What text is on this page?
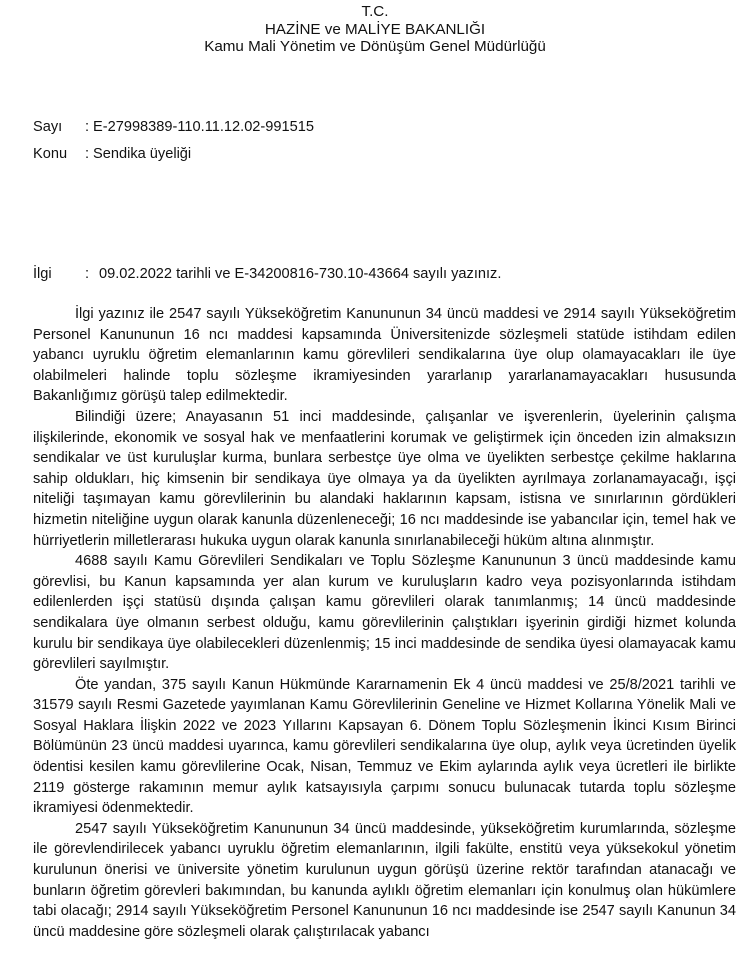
T.C.
HAZİNE ve MALİYE BAKANLIĞI
Kamu Mali Yönetim ve Dönüşüm Genel Müdürlüğü
Sayı : E-27998389-110.11.12.02-991515
Konu : Sendika üyeliği
İlgi : 09.02.2022 tarihli ve E-34200816-730.10-43664 sayılı yazınız.

İlgi yazınız ile 2547 sayılı Yükseköğretim Kanununun 34 üncü maddesi ve 2914 sayılı Yükseköğretim Personel Kanununun 16 ncı maddesi kapsamında Üniversitenizde sözleşmeli statüde istihdam edilen yabancı uyruklu öğretim elemanlarının kamu görevlileri sendikalarına üye olup olamayacakları ile üye olabilmeleri halinde toplu sözleşme ikramiyesinden yararlanıp yararlanamayacakları hususunda Bakanlığımız görüşü talep edilmektedir.

Bilindiği üzere; Anayasanın 51 inci maddesinde, çalışanlar ve işverenlerin, üyelerinin çalışma ilişkilerinde, ekonomik ve sosyal hak ve menfaatlerini korumak ve geliştirmek için önceden izin almaksızın sendikalar ve üst kuruluşlar kurma, bunlara serbestçe üye olma ve üyelikten serbestçe çekilme haklarına sahip oldukları, hiç kimsenin bir sendikaya üye olmaya ya da üyelikten ayrılmaya zorlanamayacağı, işçi niteliği taşımayan kamu görevlilerinin bu alandaki haklarının kapsam, istisna ve sınırlarının gördükleri hizmetin niteliğine uygun olarak kanunla düzenleneceği; 16 ncı maddesinde ise yabancılar için, temel hak ve hürriyetlerin milletlerarası hukuka uygun olarak kanunla sınırlanabileceği hüküm altına alınmıştır.

4688 sayılı Kamu Görevlileri Sendikaları ve Toplu Sözleşme Kanununun 3 üncü maddesinde kamu görevlisi, bu Kanun kapsamında yer alan kurum ve kuruluşların kadro veya pozisyonlarında istihdam edilenlerden işçi statüsü dışında çalışan kamu görevlileri olarak tanımlanmış; 14 üncü maddesinde sendikalara üye olmanın serbest olduğu, kamu görevlilerinin çalıştıkları işyerinin girdiği hizmet kolunda kurulu bir sendikaya üye olabilecekleri düzenlenmiş; 15 inci maddesinde de sendika üyesi olamayacak kamu görevlileri sayılmıştır.

Öte yandan, 375 sayılı Kanun Hükmünde Kararnamenin Ek 4 üncü maddesi ve 25/8/2021 tarihli ve 31579 sayılı Resmi Gazetede yayımlanan Kamu Görevlilerinin Geneline ve Hizmet Kollarına Yönelik Mali ve Sosyal Haklara İlişkin 2022 ve 2023 Yıllarını Kapsayan 6. Dönem Toplu Sözleşmenin İkinci Kısım Birinci Bölümünün 23 üncü maddesi uyarınca, kamu görevlileri sendikalarına üye olup, aylık veya ücretinden üyelik ödentisi kesilen kamu görevlilerine Ocak, Nisan, Temmuz ve Ekim aylarında aylık veya ücretleri ile birlikte 2119 gösterge rakamının memur aylık katsayısıyla çarpımı sonucu bulunacak tutarda toplu sözleşme ikramiyesi ödenmektedir.

2547 sayılı Yükseköğretim Kanununun 34 üncü maddesinde, yükseköğretim kurumlarında, sözleşme ile görevlendirilecek yabancı uyruklu öğretim elemanlarının, ilgili fakülte, enstitü veya yüksekokul yönetim kurulunun önerisi ve üniversite yönetim kurulunun uygun görüşü üzerine rektör tarafından atanacağı ve bunların öğretim görevleri bakımından, bu kanunda aylıklı öğretim elemanları için konulmuş olan hükümlere tabi olacağı; 2914 sayılı Yükseköğretim Personel Kanununun 16 ncı maddesinde ise 2547 sayılı Kanunun 34 üncü maddesine göre sözleşmeli olarak çalıştırılacak yabancı
